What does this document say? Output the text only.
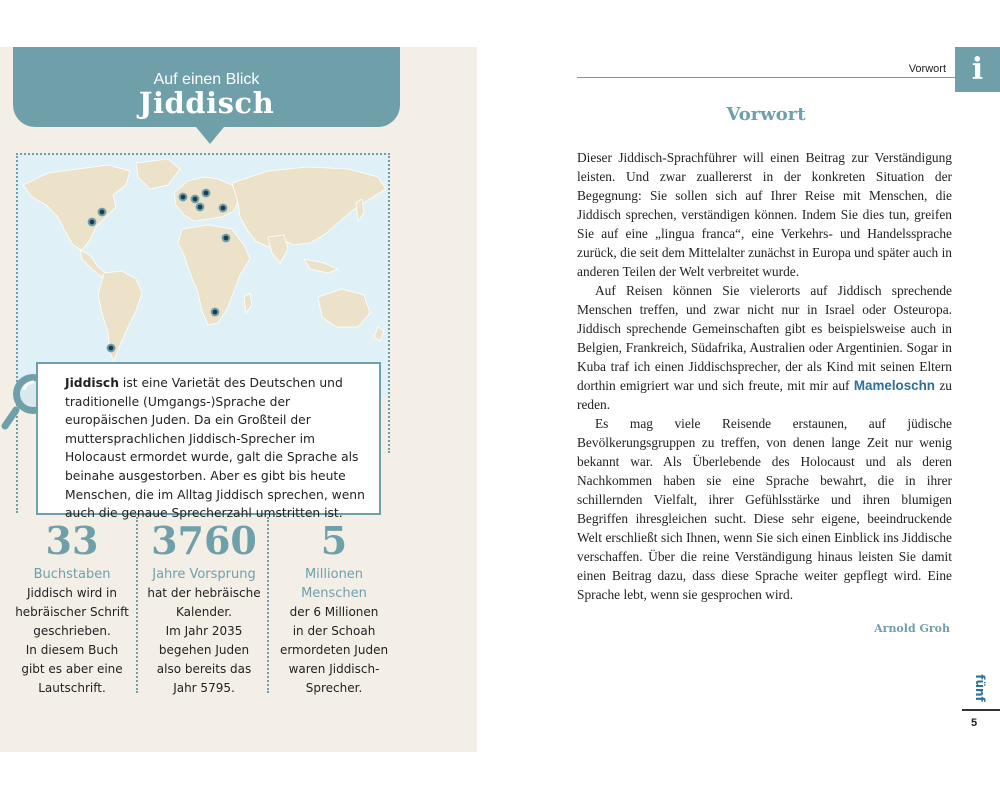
Auf einen Blick
Jiddisch
Jiddisch ist eine Varietät des Deutschen und traditionelle (Umgangs-)Sprache der europäischen Juden. Da ein Großteil der muttersprachlichen Jiddisch-Sprecher im Holocaust ermordet wurde, galt die Sprache als beinahe ausgestorben. Aber es gibt bis heute Menschen, die im Alltag Jiddisch sprechen, wenn auch die genaue Sprecherzahl umstritten ist.
33
Buchstaben
Jiddisch wird in
hebräischer Schrift
geschrieben.
In diesem Buch
gibt es aber eine
Lautschrift.
3760
Jahre Vorsprung
hat der hebräische
Kalender.
Im Jahr 2035
begehen Juden
also bereits das
Jahr 5795.
5
Millionen
Menschen
der 6 Millionen
in der Schoah
ermordeten Juden
waren Jiddisch-
Sprecher.
Vorwort i
Vorwort

Dieser Jiddisch-Sprachführer will einen Beitrag zur Verständigung leisten. Und zwar zuallererst in der konkreten Situation der Begegnung: Sie sollen sich auf Ihrer Reise mit Menschen, die Jiddisch sprechen, verständigen können. Indem Sie dies tun, greifen Sie auf eine „lingua franca“, eine Verkehrs- und Handelssprache zurück, die seit dem Mittelalter zunächst in Europa und später auch in anderen Teilen der Welt verbreitet wurde.

Auf Reisen können Sie vielerorts auf Jiddisch sprechende Menschen treffen, und zwar nicht nur in Israel oder Osteuropa. Jiddisch sprechende Gemeinschaften gibt es beispielsweise auch in Belgien, Frankreich, Südafrika, Australien oder Argentinien. Sogar in Kuba traf ich einen Jiddischsprecher, der als Kind mit seinen Eltern dorthin emigriert war und sich freute, mit mir auf Mameloschn zu reden.

Es mag viele Reisende erstaunen, auf jüdische Bevölkerungsgruppen zu treffen, von denen lange Zeit nur wenig bekannt war. Als Überlebende des Holocaust und als deren Nachkommen haben sie eine Sprache bewahrt, die in ihrer schillernden Vielfalt, ihrer Gefühlsstärke und ihren blumigen Begriffen ihresgleichen sucht. Diese sehr eigene, beeindruckende Welt erschließt sich Ihnen, wenn Sie sich einen Einblick ins Jiddische verschaffen. Über die reine Verständigung hinaus leisten Sie damit einen Beitrag dazu, dass diese Sprache weiter gepflegt wird. Eine Sprache lebt, wenn sie gesprochen wird.

Arnold Groh
fünf
5
